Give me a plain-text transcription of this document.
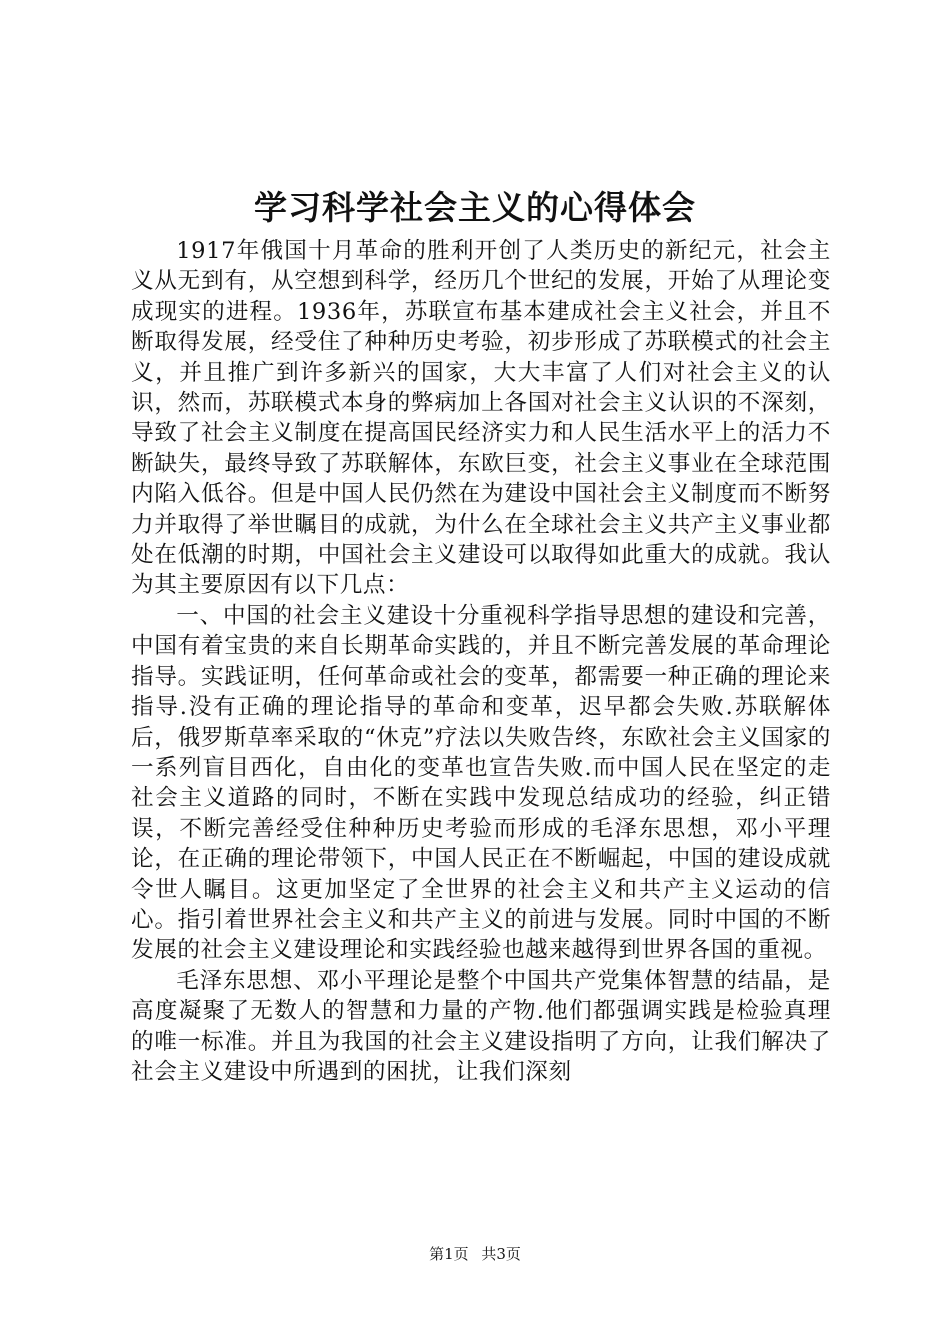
学习科学社会主义的心得体会

1917年俄国十月革命的胜利开创了人类历史的新纪元，社会主义从无到有，从空想到科学，经历几个世纪的发展，开始了从理论变成现实的进程。1936年，苏联宣布基本建成社会主义社会，并且不断取得发展，经受住了种种历史考验，初步形成了苏联模式的社会主义，并且推广到许多新兴的国家，大大丰富了人们对社会主义的认识，然而，苏联模式本身的弊病加上各国对社会主义认识的不深刻，导致了社会主义制度在提高国民经济实力和人民生活水平上的活力不断缺失，最终导致了苏联解体，东欧巨变，社会主义事业在全球范围内陷入低谷。但是中国人民仍然在为建设中国社会主义制度而不断努力并取得了举世瞩目的成就，为什么在全球社会主义共产主义事业都处在低潮的时期，中国社会主义建设可以取得如此重大的成就。我认为其主要原因有以下几点：

一、中国的社会主义建设十分重视科学指导思想的建设和完善，中国有着宝贵的来自长期革命实践的，并且不断完善发展的革命理论指导。实践证明，任何革命或社会的变革，都需要一种正确的理论来指导.没有正确的理论指导的革命和变革，迟早都会失败.苏联解体后，俄罗斯草率采取的“休克”疗法以失败告终，东欧社会主义国家的一系列盲目西化，自由化的变革也宣告失败.而中国人民在坚定的走社会主义道路的同时，不断在实践中发现总结成功的经验，纠正错误，不断完善经受住种种历史考验而形成的毛泽东思想，邓小平理论，在正确的理论带领下，中国人民正在不断崛起，中国的建设成就令世人瞩目。这更加坚定了全世界的社会主义和共产主义运动的信心。指引着世界社会主义和共产主义的前进与发展。同时中国的不断发展的社会主义建设理论和实践经验也越来越得到世界各国的重视。

毛泽东思想、邓小平理论是整个中国共产党集体智慧的结晶，是高度凝聚了无数人的智慧和力量的产物.他们都强调实践是检验真理的唯一标准。并且为我国的社会主义建设指明了方向，让我们解决了社会主义建设中所遇到的困扰，让我们深刻

第1页 共3页
